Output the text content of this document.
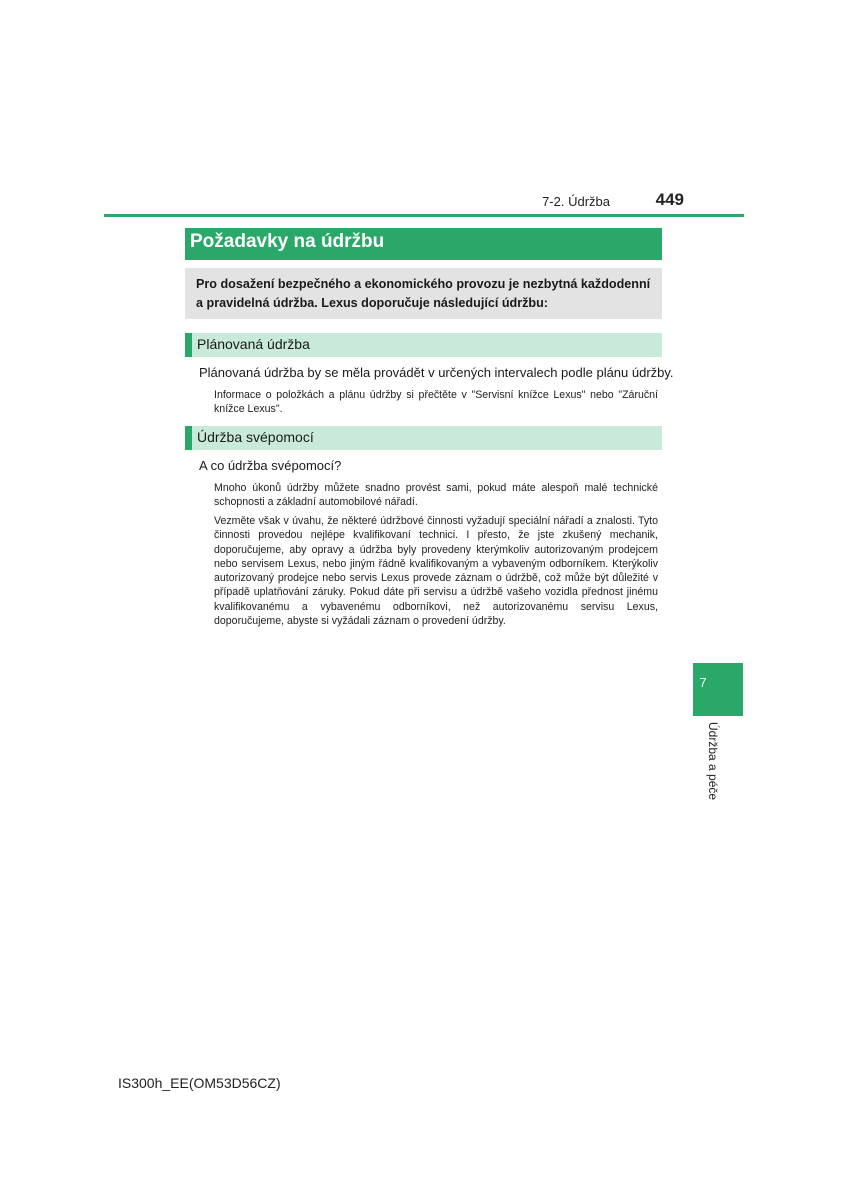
7-2. Údržba	449
Požadavky na údržbu
Pro dosažení bezpečného a ekonomického provozu je nezbytná každodenní a pravidelná údržba. Lexus doporučuje následující údržbu:
Plánovaná údržba
Plánovaná údržba by se měla provádět v určených intervalech podle plánu údržby.
Informace o položkách a plánu údržby si přečtěte v "Servisní knížce Lexus" nebo "Záruční knížce Lexus".
Údržba svépomocí
A co údržba svépomocí?
Mnoho úkonů údržby můžete snadno provést sami, pokud máte alespoň malé technické schopnosti a základní automobilové nářadí.
Vezměte však v úvahu, že některé údržbové činnosti vyžadují speciální nářadí a znalosti. Tyto činnosti provedou nejlépe kvalifikovaní technici. I přesto, že jste zkušený mechanik, doporučujeme, aby opravy a údržba byly provedeny kterýmkoliv autorizovaným prodejcem nebo servisem Lexus, nebo jiným řádně kvalifikovaným a vybaveným odborníkem. Kterýkoliv autorizovaný prodejce nebo servis Lexus provede záznam o údržbě, což může být důležité v případě uplatňování záruky. Pokud dáte při servisu a údržbě vašeho vozidla přednost jinému kvalifikovanému a vybavenému odborníkovi, než autorizovanému servisu Lexus, doporučujeme, abyste si vyžádali záznam o provedení údržby.
7
Údržba a péče
IS300h_EE(OM53D56CZ)
